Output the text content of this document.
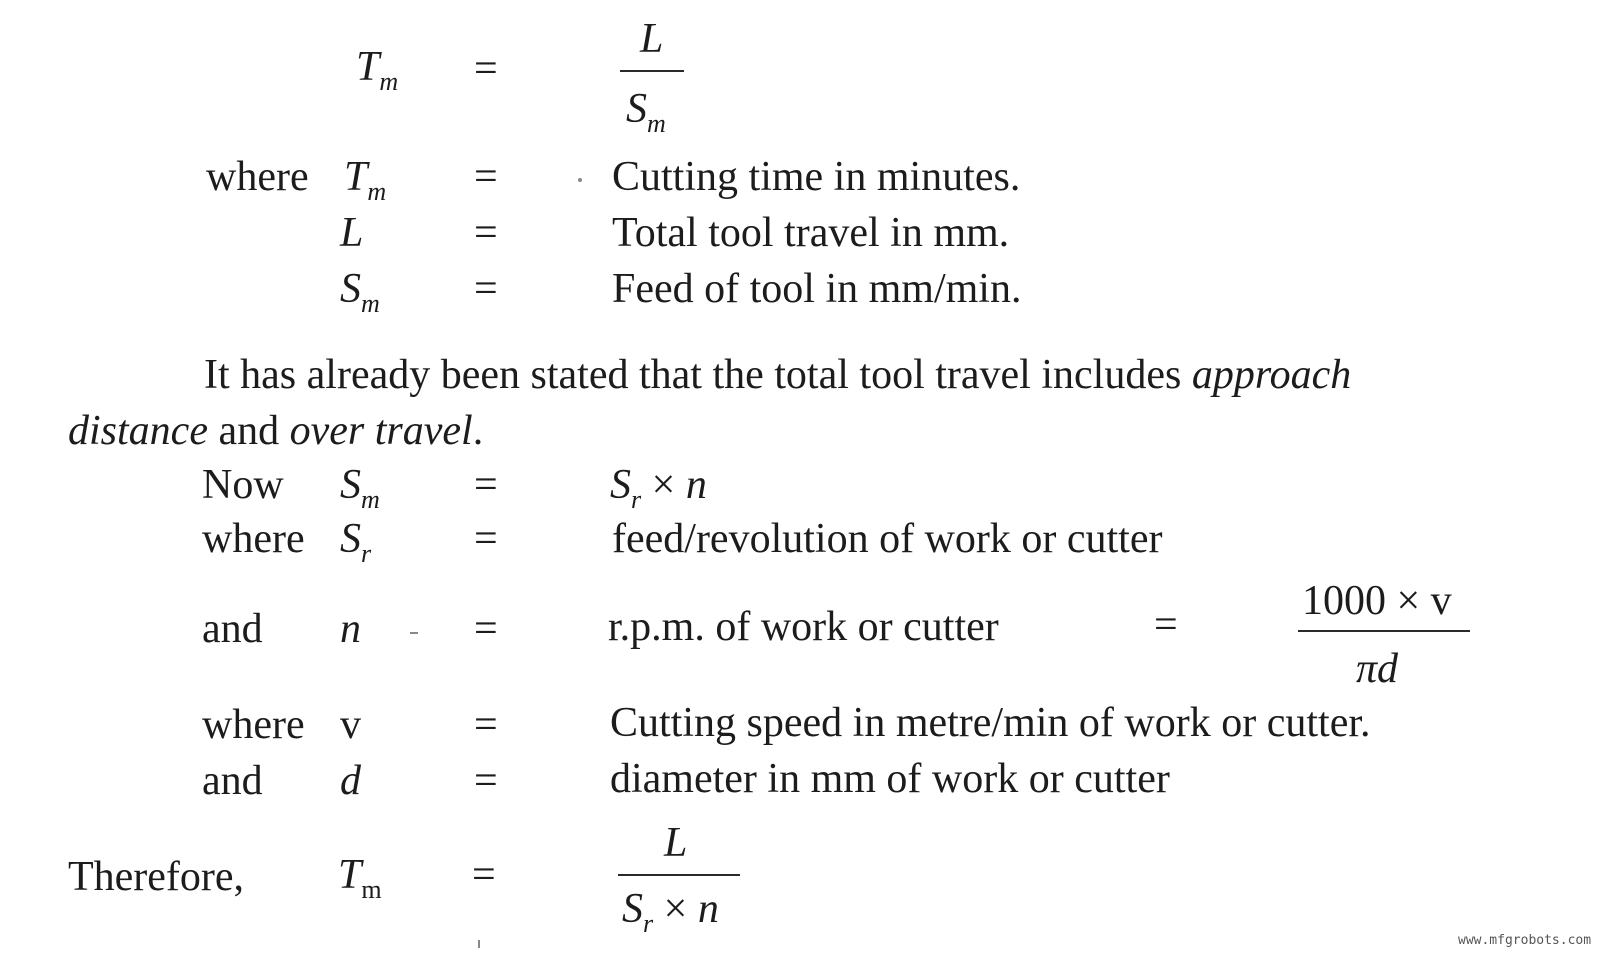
$T_m$ =
L
$S_m$
where $T_m$ =	Cutting time in minutes.
L	=	Total tool travel in mm.
$S_m$ =	Feed of tool in mm/min.
It has already been stated that the total tool travel includes approach
distance and over travel.
Now $S_m$ =	$S_r \times n$
where $S_r$ =	feed/revolution of work or cutter
and n	=	r.p.m. of work or cutter	=
1000 × v
πd
where v	=	Cutting speed in metre/min of work or cutter.
and d	=	diameter in mm of work or cutter
Therefore, $T_m$ =
L
$S_r \times n$
www.mfgrobots.com
